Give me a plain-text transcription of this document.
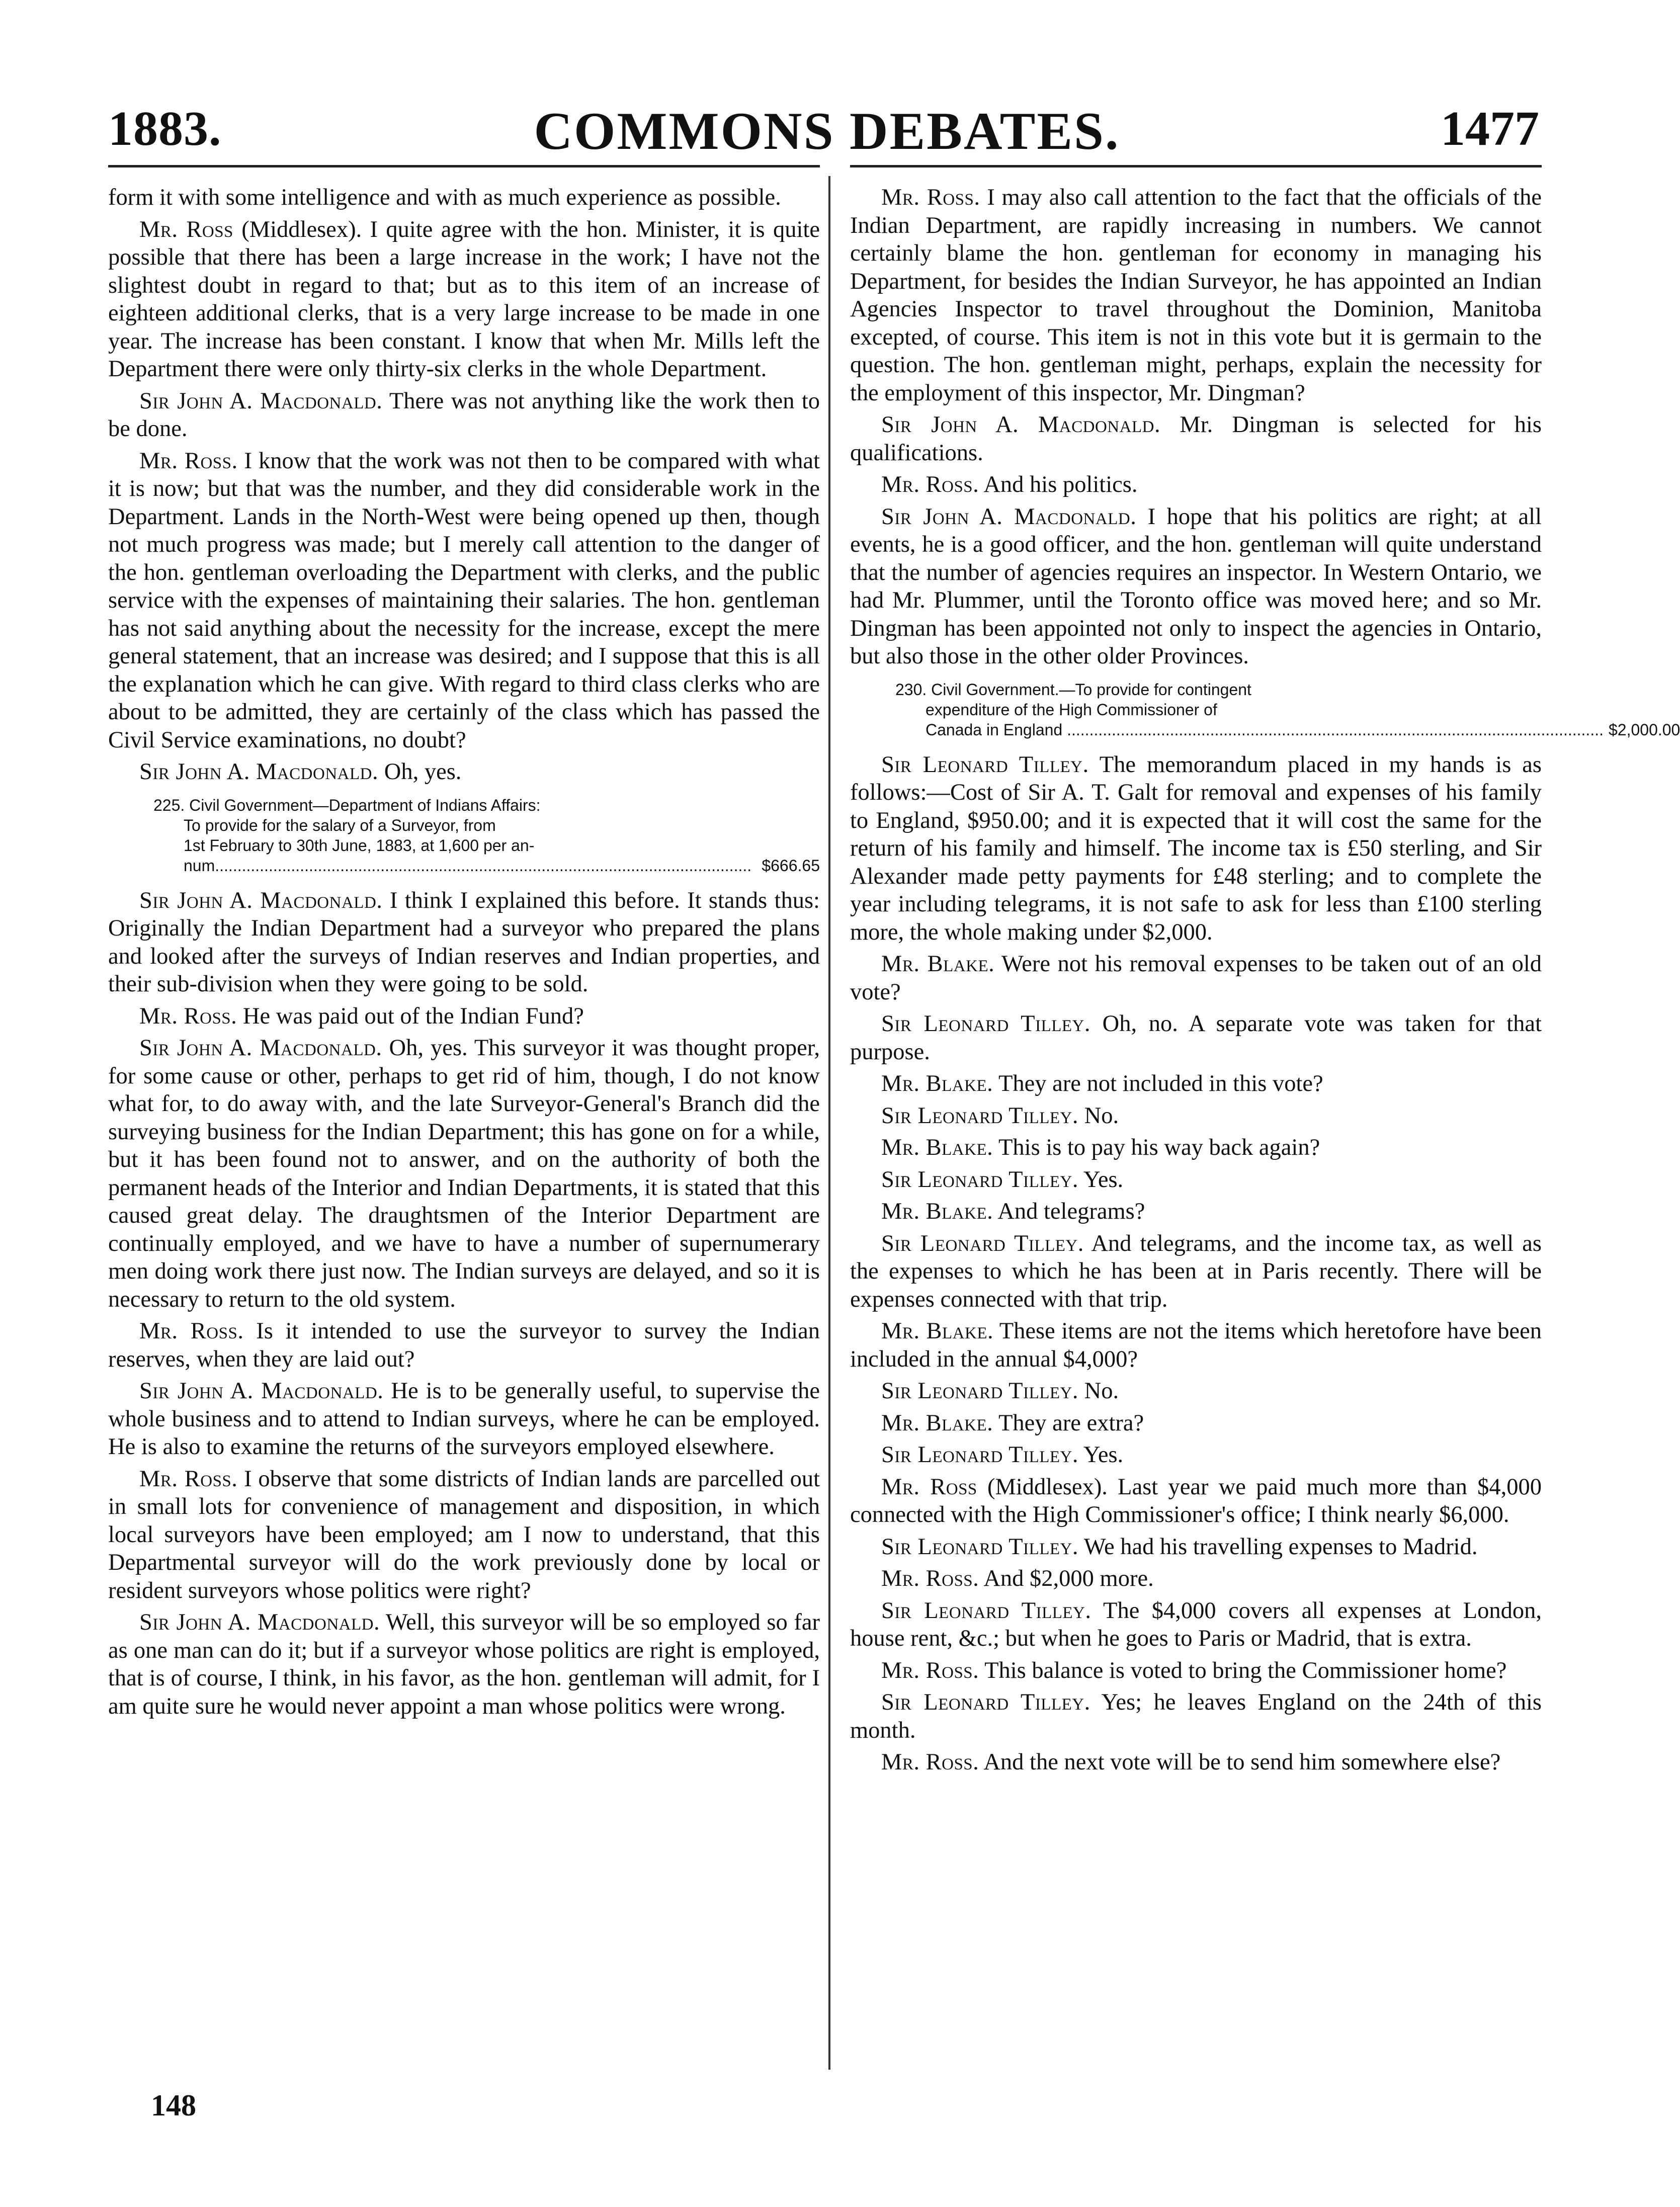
1883.	COMMONS DEBATES.	1477

form it with some intelligence and with as much experience as possible.

Mr. Ross (Middlesex). I quite agree with the hon. Minister, it is quite possible that there has been a large increase in the work; I have not the slightest doubt in regard to that; but as to this item of an increase of eighteen additional clerks, that is a very large increase to be made in one year. The increase has been constant. I know that when Mr. Mills left the Department there were only thirty-six clerks in the whole Department.

Sir John A. Macdonald. There was not anything like the work then to be done.

Mr. Ross. I know that the work was not then to be compared with what it is now; but that was the number, and they did considerable work in the Department. Lands in the North-West were being opened up then, though not much progress was made; but I merely call attention to the danger of the hon. gentleman overloading the Department with clerks, and the public service with the expenses of maintaining their salaries. The hon. gentleman has not said anything about the necessity for the increase, except the mere general statement, that an increase was desired; and I suppose that this is all the explanation which he can give. With regard to third class clerks who are about to be admitted, they are certainly of the class which has passed the Civil Service examinations, no doubt?

Sir John A. Macdonald. Oh, yes.

225. Civil Government—Department of Indians Affairs:
To provide for the salary of a Surveyor, from
1st February to 30th June, 1883, at 1,600 per an-
num........................................................................................................................ $666.65

Sir John A. Macdonald. I think I explained this before. It stands thus: Originally the Indian Department had a surveyor who prepared the plans and looked after the surveys of Indian reserves and Indian properties, and their sub-division when they were going to be sold.

Mr. Ross. He was paid out of the Indian Fund?

Sir John A. Macdonald. Oh, yes. This surveyor it was thought proper, for some cause or other, perhaps to get rid of him, though, I do not know what for, to do away with, and the late Surveyor-General's Branch did the surveying business for the Indian Department; this has gone on for a while, but it has been found not to answer, and on the authority of both the permanent heads of the Interior and Indian Departments, it is stated that this caused great delay. The draughtsmen of the Interior Department are continually employed, and we have to have a number of supernumerary men doing work there just now. The Indian surveys are delayed, and so it is necessary to return to the old system.

Mr. Ross. Is it intended to use the surveyor to survey the Indian reserves, when they are laid out?

Sir John A. Macdonald. He is to be generally useful, to supervise the whole business and to attend to Indian surveys, where he can be employed. He is also to examine the returns of the surveyors employed elsewhere.

Mr. Ross. I observe that some districts of Indian lands are parcelled out in small lots for convenience of management and disposition, in which local surveyors have been employed; am I now to understand, that this Departmental surveyor will do the work previously done by local or resident surveyors whose politics were right?

Sir John A. Macdonald. Well, this surveyor will be so employed so far as one man can do it; but if a surveyor whose politics are right is employed, that is of course, I think, in his favor, as the hon. gentleman will admit, for I am quite sure he would never appoint a man whose politics were wrong.

Mr. Ross. I may also call attention to the fact that the officials of the Indian Department, are rapidly increasing in numbers. We cannot certainly blame the hon. gentleman for economy in managing his Department, for besides the Indian Surveyor, he has appointed an Indian Agencies Inspector to travel throughout the Dominion, Manitoba excepted, of course. This item is not in this vote but it is germain to the question. The hon. gentleman might, perhaps, explain the necessity for the employment of this inspector, Mr. Dingman?

Sir John A. Macdonald. Mr. Dingman is selected for his qualifications.

Mr. Ross. And his politics.

Sir John A. Macdonald. I hope that his politics are right; at all events, he is a good officer, and the hon. gentleman will quite understand that the number of agencies requires an inspector. In Western Ontario, we had Mr. Plummer, until the Toronto office was moved here; and so Mr. Dingman has been appointed not only to inspect the agencies in Ontario, but also those in the other older Provinces.

230. Civil Government.—To provide for contingent
expenditure of the High Commissioner of
Canada in England ........................................................................................................................ $2,000.00

Sir Leonard Tilley. The memorandum placed in my hands is as follows:—Cost of Sir A. T. Galt for removal and expenses of his family to England, $950.00; and it is expected that it will cost the same for the return of his family and himself. The income tax is £50 sterling, and Sir Alexander made petty payments for £48 sterling; and to complete the year including telegrams, it is not safe to ask for less than £100 sterling more, the whole making under $2,000.

Mr. Blake. Were not his removal expenses to be taken out of an old vote?

Sir Leonard Tilley. Oh, no. A separate vote was taken for that purpose.

Mr. Blake. They are not included in this vote?

Sir Leonard Tilley. No.

Mr. Blake. This is to pay his way back again?

Sir Leonard Tilley. Yes.

Mr. Blake. And telegrams?

Sir Leonard Tilley. And telegrams, and the income tax, as well as the expenses to which he has been at in Paris recently. There will be expenses connected with that trip.

Mr. Blake. These items are not the items which heretofore have been included in the annual $4,000?

Sir Leonard Tilley. No.

Mr. Blake. They are extra?

Sir Leonard Tilley. Yes.

Mr. Ross (Middlesex). Last year we paid much more than $4,000 connected with the High Commissioner's office; I think nearly $6,000.

Sir Leonard Tilley. We had his travelling expenses to Madrid.

Mr. Ross. And $2,000 more.

Sir Leonard Tilley. The $4,000 covers all expenses at London, house rent, &c.; but when he goes to Paris or Madrid, that is extra.

Mr. Ross. This balance is voted to bring the Commissioner home?

Sir Leonard Tilley. Yes; he leaves England on the 24th of this month.

Mr. Ross. And the next vote will be to send him somewhere else?

148
